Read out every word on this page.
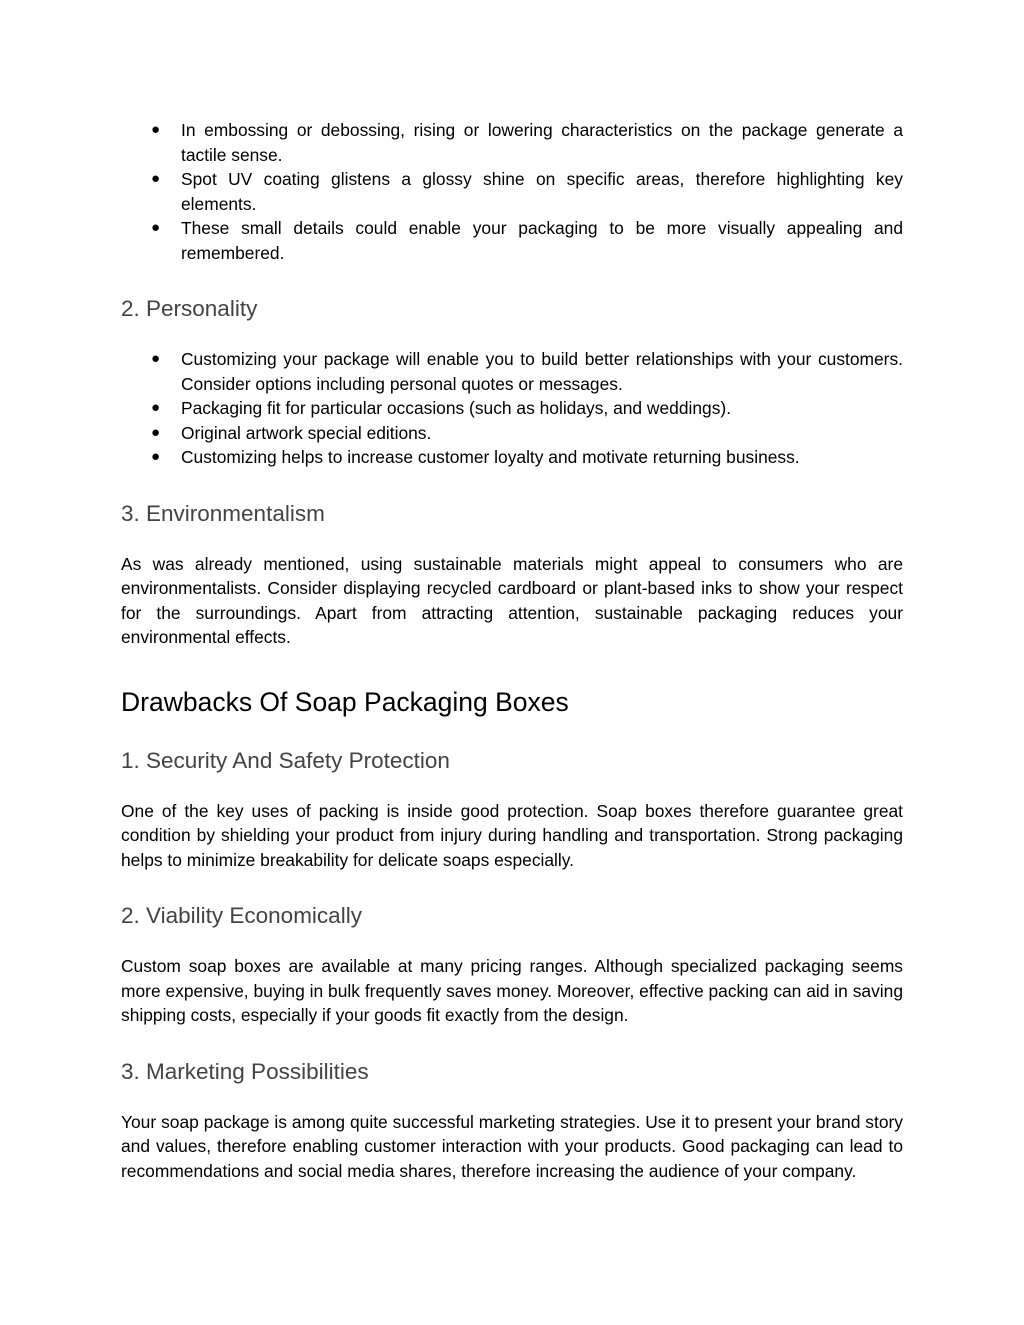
● In embossing or debossing, rising or lowering characteristics on the package generate a tactile sense.
● Spot UV coating glistens a glossy shine on specific areas, therefore highlighting key elements.
● These small details could enable your packaging to be more visually appealing and remembered.
2. Personality
● Customizing your package will enable you to build better relationships with your customers. Consider options including personal quotes or messages.
● Packaging fit for particular occasions (such as holidays, and weddings).
● Original artwork special editions.
● Customizing helps to increase customer loyalty and motivate returning business.
3. Environmentalism

As was already mentioned, using sustainable materials might appeal to consumers who are environmentalists. Consider displaying recycled cardboard or plant-based inks to show your respect for the surroundings. Apart from attracting attention, sustainable packaging reduces your environmental effects.

Drawbacks Of Soap Packaging Boxes
1. Security And Safety Protection

One of the key uses of packing is inside good protection. Soap boxes therefore guarantee great condition by shielding your product from injury during handling and transportation. Strong packaging helps to minimize breakability for delicate soaps especially.

2. Viability Economically

Custom soap boxes are available at many pricing ranges. Although specialized packaging seems more expensive, buying in bulk frequently saves money. Moreover, effective packing can aid in saving shipping costs, especially if your goods fit exactly from the design.

3. Marketing Possibilities

Your soap package is among quite successful marketing strategies. Use it to present your brand story and values, therefore enabling customer interaction with your products. Good packaging can lead to recommendations and social media shares, therefore increasing the audience of your company.
